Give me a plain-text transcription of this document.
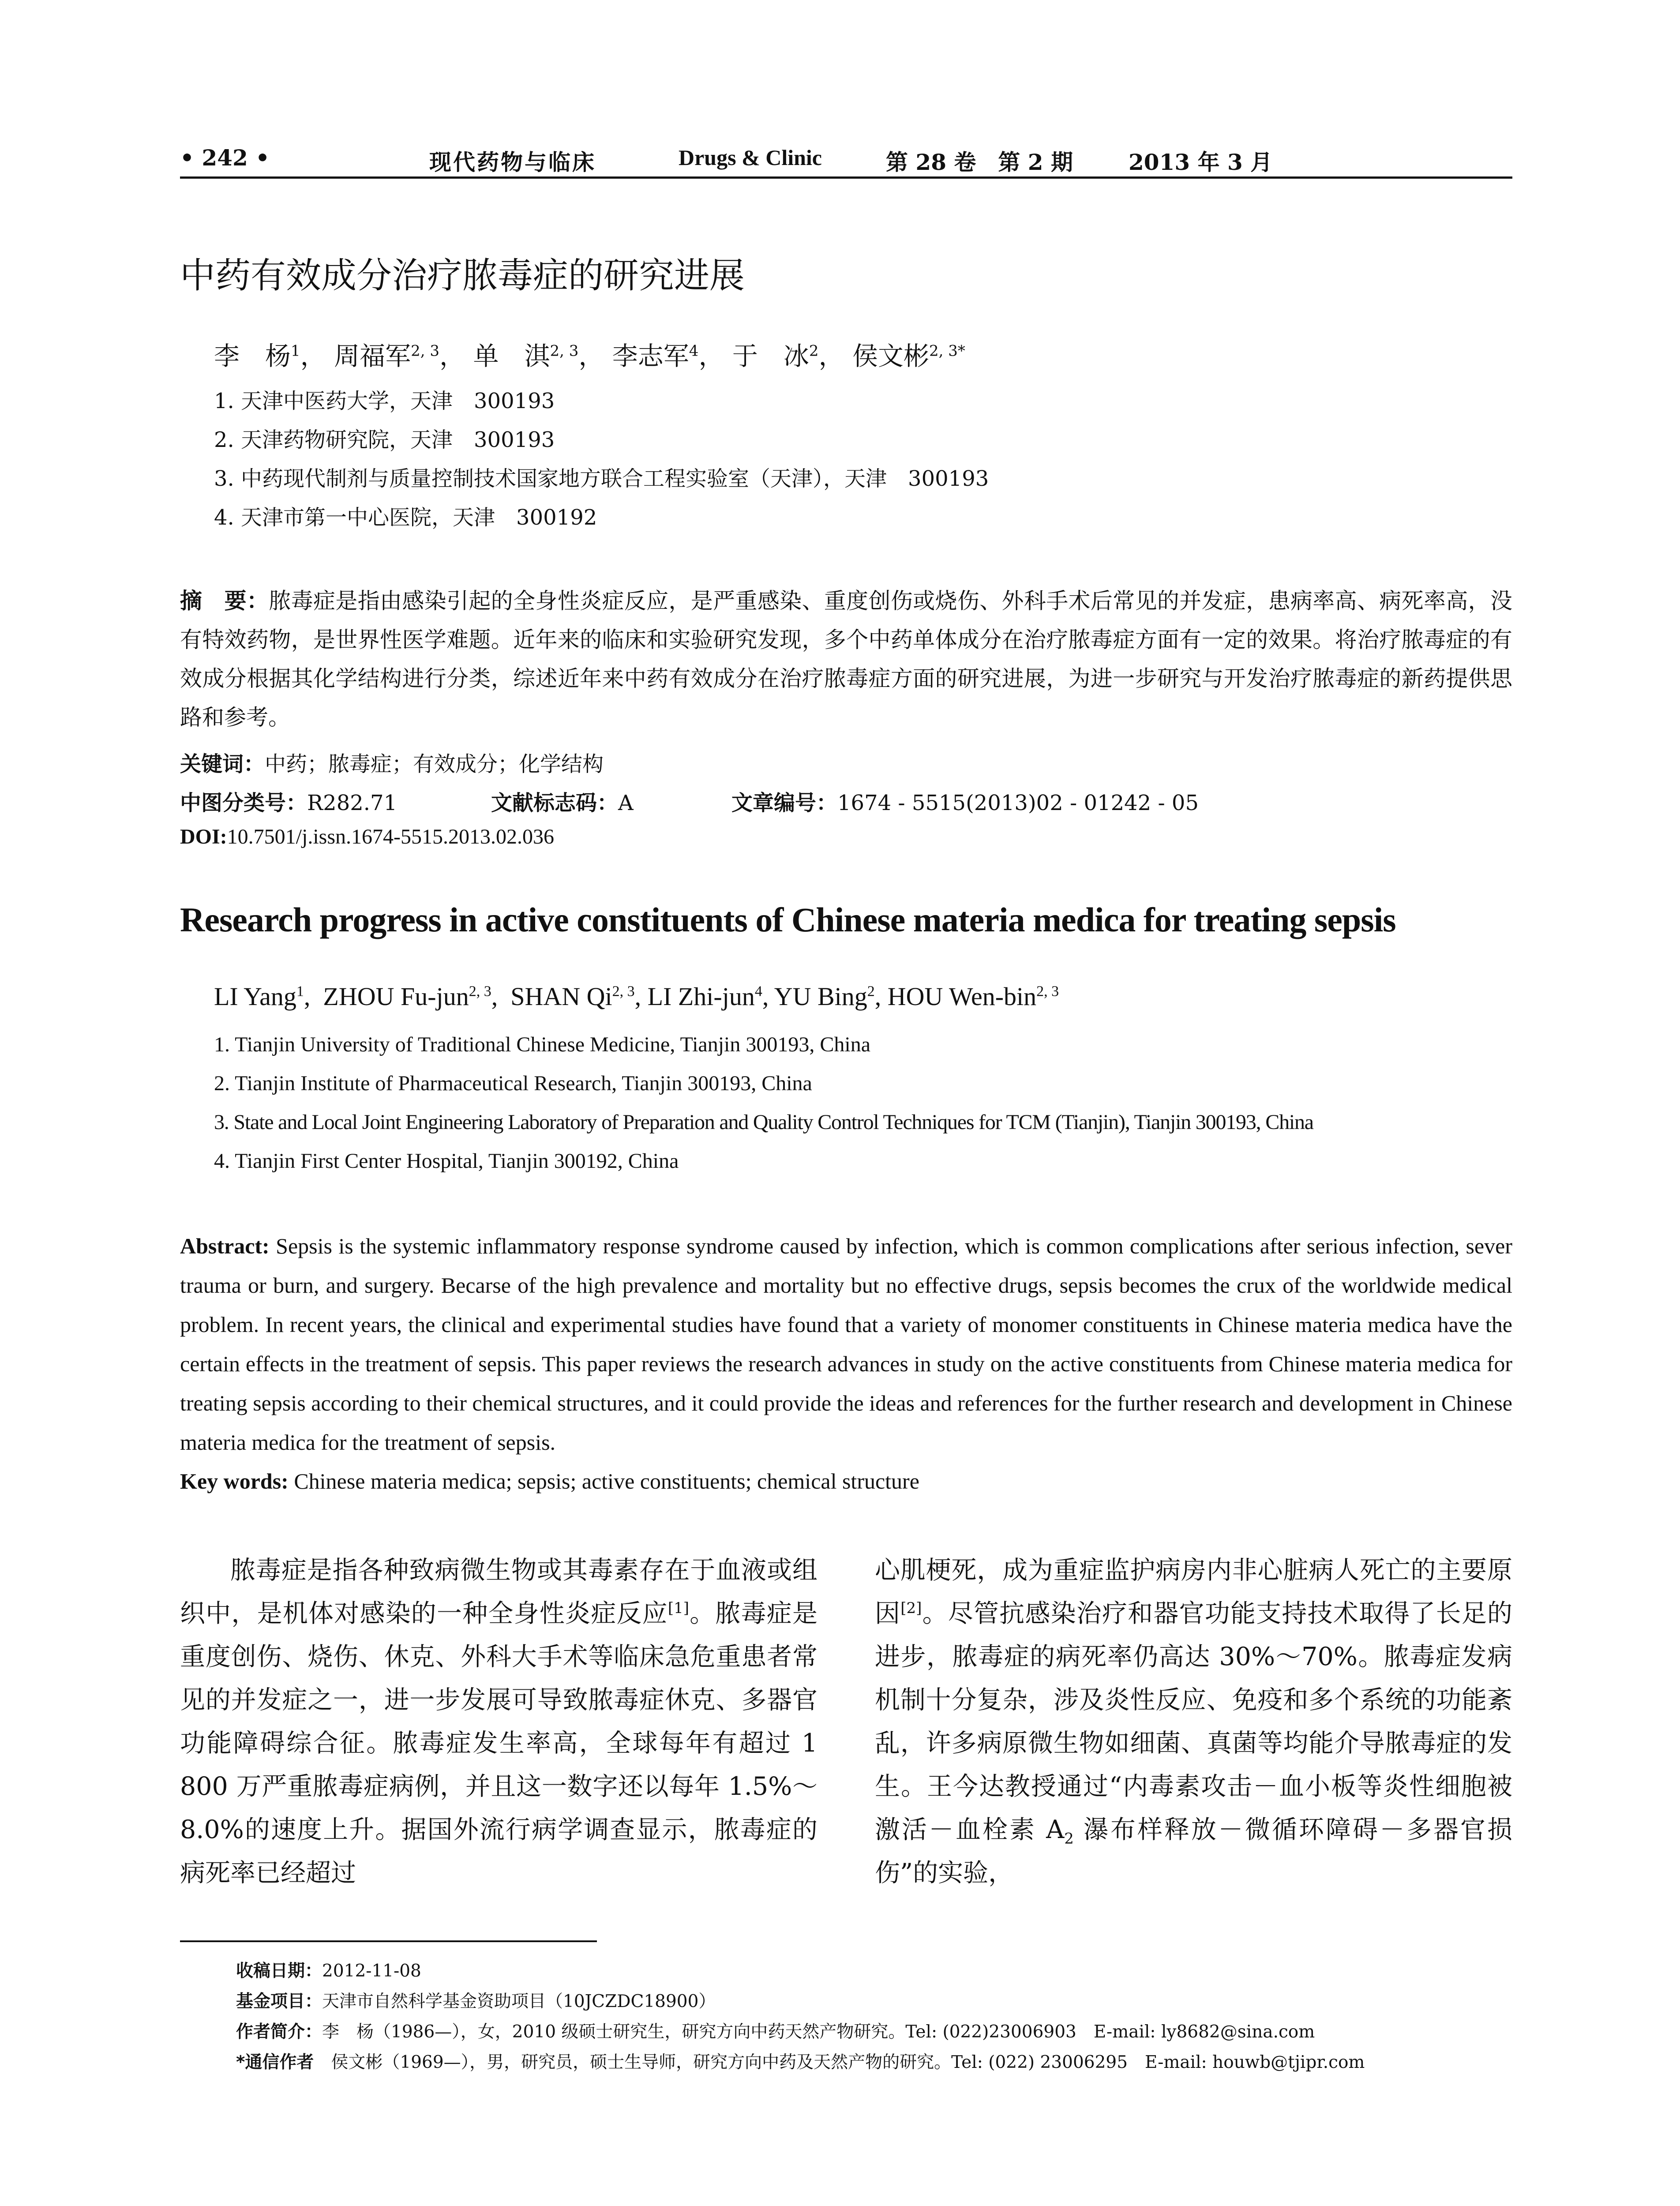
• 242 •	现代药物与临床	Drugs & Clinic	第 28 卷　第 2 期	2013 年 3 月
中药有效成分治疗脓毒症的研究进展
李　杨$^1$， 周福军$^{2, 3}$， 单　淇$^{2, 3}$， 李志军$^4$， 于　冰$^2$， 侯文彬$^{2, 3*}$
1. 天津中医药大学，天津　300193
2. 天津药物研究院，天津　300193
3. 中药现代制剂与质量控制技术国家地方联合工程实验室（天津），天津　300193
4. 天津市第一中心医院，天津　300192
摘　要：脓毒症是指由感染引起的全身性炎症反应，是严重感染、重度创伤或烧伤、外科手术后常见的并发症，患病率高、病死率高，没有特效药物，是世界性医学难题。近年来的临床和实验研究发现，多个中药单体成分在治疗脓毒症方面有一定的效果。将治疗脓毒症的有效成分根据其化学结构进行分类，综述近年来中药有效成分在治疗脓毒症方面的研究进展，为进一步研究与开发治疗脓毒症的新药提供思路和参考。
关键词：中药；脓毒症；有效成分；化学结构
中图分类号：R282.71	文献标志码：A	文章编号：1674 - 5515(2013)02 - 01242 - 05
DOI:10.7501/j.issn.1674-5515.2013.02.036
Research progress in active constituents of Chinese materia medica for treating sepsis
LI Yang$^1$,  ZHOU Fu-jun$^{2, 3}$,  SHAN Qi$^{2, 3}$, LI Zhi-jun$^4$, YU Bing$^2$, HOU Wen-bin$^{2, 3}$
1. Tianjin University of Traditional Chinese Medicine, Tianjin 300193, China
2. Tianjin Institute of Pharmaceutical Research, Tianjin 300193, China
3. State and Local Joint Engineering Laboratory of Preparation and Quality Control Techniques for TCM (Tianjin), Tianjin 300193, China
4. Tianjin First Center Hospital, Tianjin 300192, China
Abstract: Sepsis is the systemic inflammatory response syndrome caused by infection, which is common complications after serious infection, sever trauma or burn, and surgery. Becarse of the high prevalence and mortality but no effective drugs, sepsis becomes the crux of the worldwide medical problem. In recent years, the clinical and experimental studies have found that a variety of monomer constituents in Chinese materia medica have the certain effects in the treatment of sepsis. This paper reviews the research advances in study on the active constituents from Chinese materia medica for treating sepsis according to their chemical structures, and it could provide the ideas and references for the further research and development in Chinese materia medica for the treatment of sepsis.
Key words: Chinese materia medica; sepsis; active constituents; chemical structure
脓毒症是指各种致病微生物或其毒素存在于血液或组织中，是机体对感染的一种全身性炎症反应[1]。脓毒症是重度创伤、烧伤、休克、外科大手术等临床急危重患者常见的并发症之一，进一步发展可导致脓毒症休克、多器官功能障碍综合征。脓毒症发生率高，全球每年有超过 1 800 万严重脓毒症病例，并且这一数字还以每年 1.5%～8.0%的速度上升。据国外流行病学调查显示，脓毒症的病死率已经超过
心肌梗死，成为重症监护病房内非心脏病人死亡的主要原因[2]。尽管抗感染治疗和器官功能支持技术取得了长足的进步，脓毒症的病死率仍高达 30%～70%。脓毒症发病机制十分复杂，涉及炎性反应、免疫和多个系统的功能紊乱，许多病原微生物如细菌、真菌等均能介导脓毒症的发生。王今达教授通过“内毒素攻击－血小板等炎性细胞被激活－血栓素 $A_2$ 瀑布样释放－微循环障碍－多器官损伤”的实验，
收稿日期：2012-11-08
基金项目：天津市自然科学基金资助项目（10JCZDC18900）
作者简介：李　杨（1986—），女，2010 级硕士研究生，研究方向中药天然产物研究。Tel: (022)23006903　E-mail: ly8682@sina.com
*通信作者　侯文彬（1969—），男，研究员，硕士生导师，研究方向中药及天然产物的研究。Tel: (022) 23006295　E-mail: houwb@tjipr.com
